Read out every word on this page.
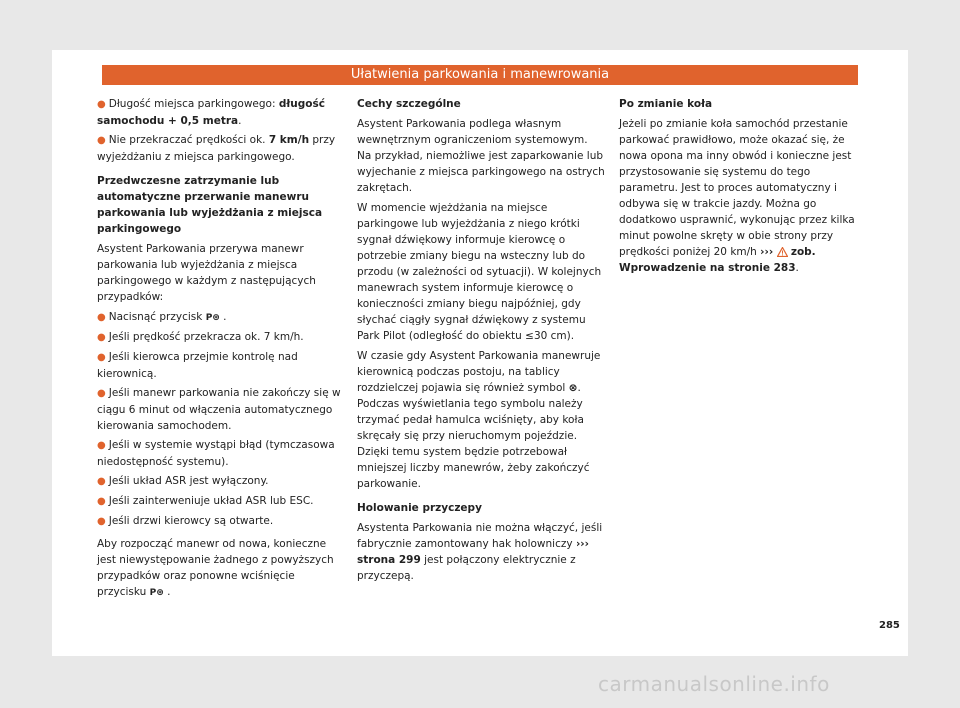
Ułatwienia parkowania i manewrowania

● Długość miejsca parkingowego: długość samochodu + 0,5 metra.

● Nie przekraczać prędkości ok. 7 km/h przy wyjeżdżaniu z miejsca parkingowego.

Przedwczesne zatrzymanie lub automatyczne przerwanie manewru parkowania lub wyjeżdżania z miejsca parkingowego

Asystent Parkowania przerywa manewr parkowania lub wyjeżdżania z miejsca parkingowego w każdym z następujących przypadków:

● Nacisnąć przycisk P⊛ .

● Jeśli prędkość przekracza ok. 7 km/h.

● Jeśli kierowca przejmie kontrolę nad kierownicą.

● Jeśli manewr parkowania nie zakończy się w ciągu 6 minut od włączenia automatycznego kierowania samochodem.

● Jeśli w systemie wystąpi błąd (tymczasowa niedostępność systemu).

● Jeśli układ ASR jest wyłączony.

● Jeśli zainterweniuje układ ASR lub ESC.

● Jeśli drzwi kierowcy są otwarte.

Aby rozpocząć manewr od nowa, konieczne jest niewystępowanie żadnego z powyższych przypadków oraz ponowne wciśnięcie przycisku P⊛ .

Cechy szczególne

Asystent Parkowania podlega własnym wewnętrznym ograniczeniom systemowym. Na przykład, niemożliwe jest zaparkowanie lub wyjechanie z miejsca parkingowego na ostrych zakrętach.

W momencie wjeżdżania na miejsce parkingowe lub wyjeżdżania z niego krótki sygnał dźwiękowy informuje kierowcę o potrzebie zmiany biegu na wsteczny lub do przodu (w zależności od sytuacji). W kolejnych manewrach system informuje kierowcę o konieczności zmiany biegu najpóźniej, gdy słychać ciągły sygnał dźwiękowy z systemu Park Pilot (odległość do obiektu ≤30 cm).

W czasie gdy Asystent Parkowania manewruje kierownicą podczas postoju, na tablicy rozdzielczej pojawia się również symbol ⊗. Podczas wyświetlania tego symbolu należy trzymać pedał hamulca wciśnięty, aby koła skręcały się przy nieruchomym pojeździe. Dzięki temu system będzie potrzebował mniejszej liczby manewrów, żeby zakończyć parkowanie.

Holowanie przyczepy

Asystenta Parkowania nie można włączyć, jeśli fabrycznie zamontowany hak holowniczy ››› strona 299 jest połączony elektrycznie z przyczepą.

Po zmianie koła

Jeżeli po zmianie koła samochód przestanie parkować prawidłowo, może okazać się, że nowa opona ma inny obwód i konieczne jest przystosowanie się systemu do tego parametru. Jest to proces automatyczny i odbywa się w trakcie jazdy. Można go dodatkowo usprawnić, wykonując przez kilka minut powolne skręty w obie strony przy prędkości poniżej 20 km/h ››› zob. Wprowadzenie na stronie 283.

285
carmanualsonline.info
